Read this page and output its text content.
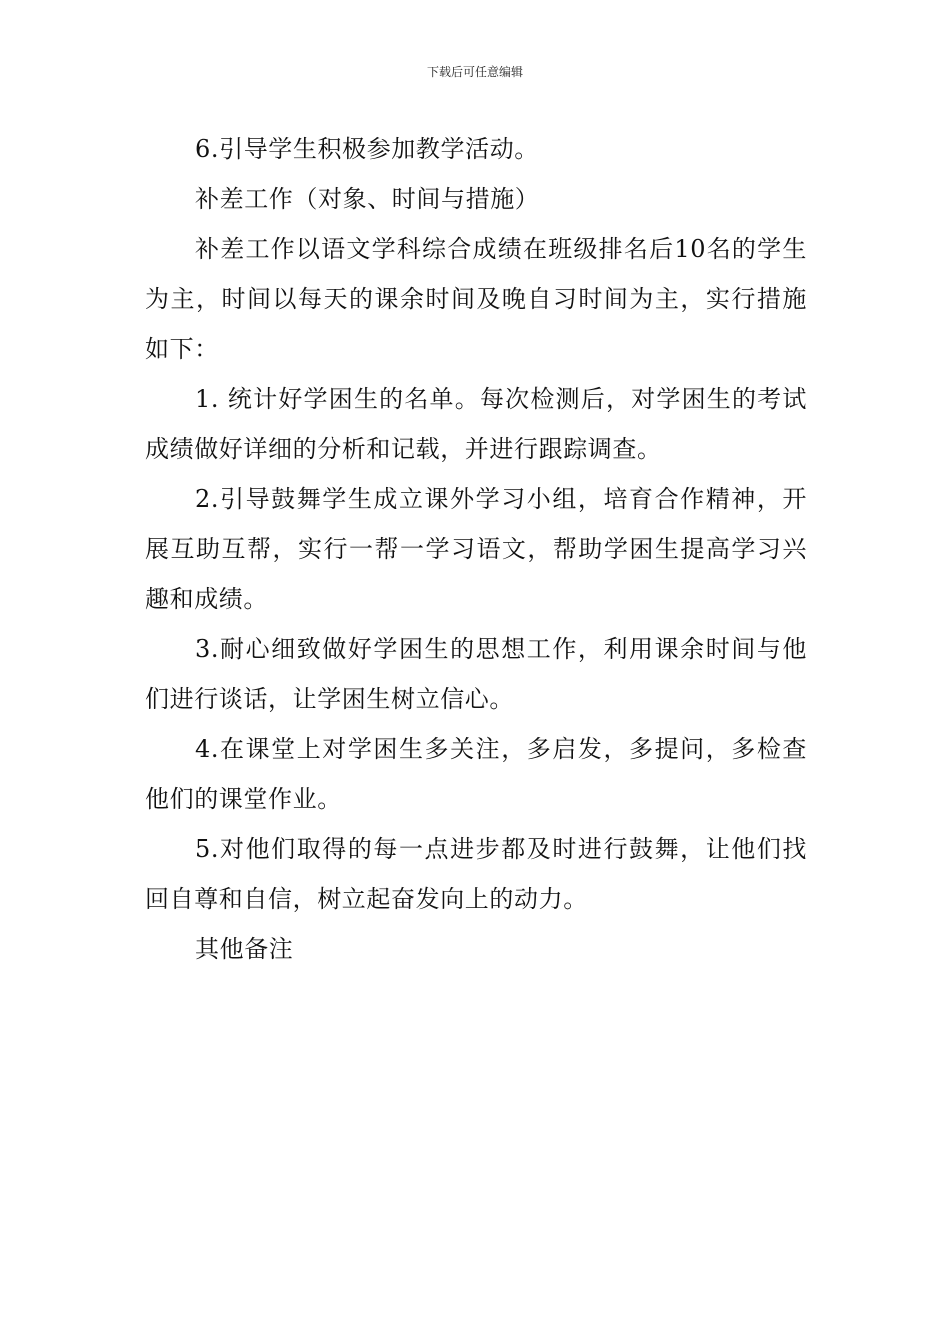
下载后可任意编辑

6.引导学生积极参加教学活动。

补差工作（对象、时间与措施）

补差工作以语文学科综合成绩在班级排名后10名的学生为主，时间以每天的课余时间及晚自习时间为主，实行措施如下：

1. 统计好学困生的名单。每次检测后，对学困生的考试成绩做好详细的分析和记载，并进行跟踪调查。

2.引导鼓舞学生成立课外学习小组，培育合作精神，开展互助互帮，实行一帮一学习语文，帮助学困生提高学习兴趣和成绩。

3.耐心细致做好学困生的思想工作，利用课余时间与他们进行谈话，让学困生树立信心。

4.在课堂上对学困生多关注，多启发，多提问，多检查他们的课堂作业。

5.对他们取得的每一点进步都及时进行鼓舞，让他们找回自尊和自信，树立起奋发向上的动力。

其他备注
